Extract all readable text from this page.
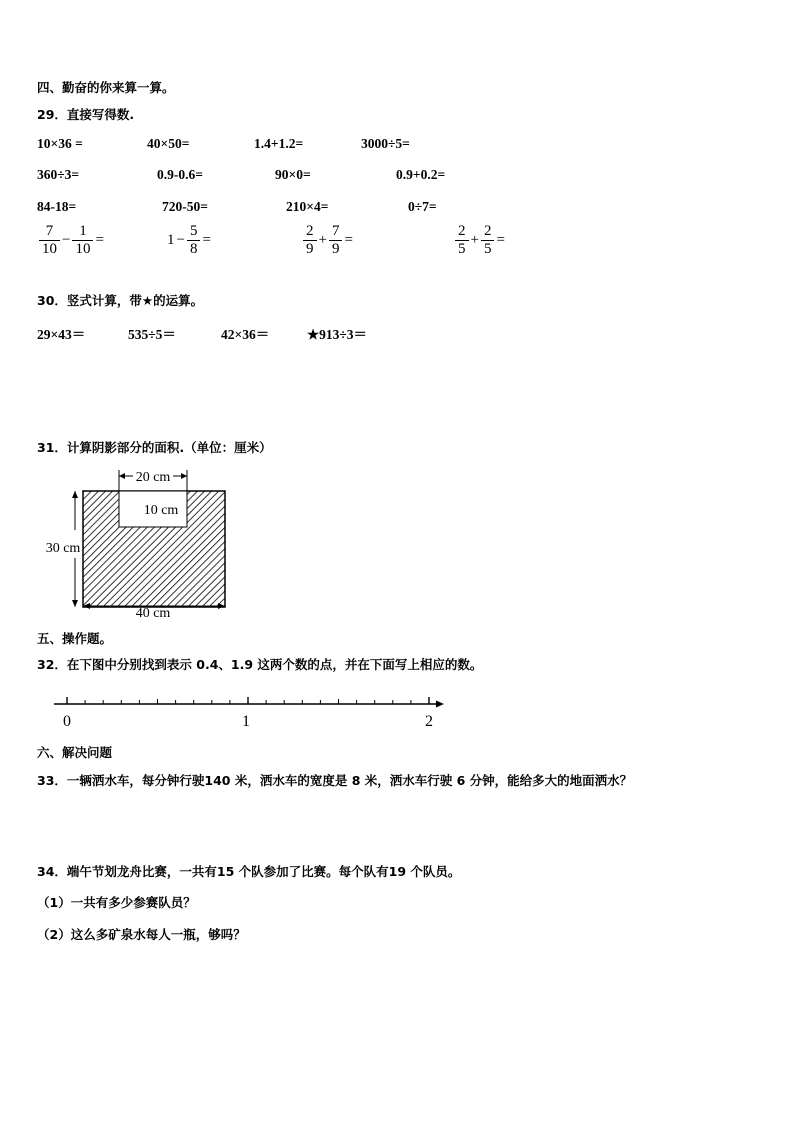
四、勤奋的你来算一算。
29．直接写得数.
10×36 =	40×50=	1.4+1.2=	3000÷5=
360÷3=	0.9-0.6=	90×0=	0.9+0.2=
84-18=	720-50=	210×4=	0÷7=
$\frac{7}{10} - \frac{1}{10}$ =	$1 - \frac{5}{8}$ =	$\frac{2}{9} + \frac{7}{9}$ =	$\frac{2}{5} + \frac{2}{5}$ =
30．竖式计算，带★的运算。
29×43＝	535÷5＝	42×36＝	★913÷3＝
31．计算阴影部分的面积.（单位：厘米）
20 cm
10 cm
30 cm
40 cm
五、操作题。
32．在下图中分别找到表示 0.4、1.9 这两个数的点，并在下面写上相应的数。
0	1	2
六、解决问题
33．一辆洒水车，每分钟行驶140 米，洒水车的宽度是 8 米，洒水车行驶 6 分钟，能给多大的地面洒水？
34．端午节划龙舟比赛，一共有15 个队参加了比赛。每个队有19 个队员。
（1）一共有多少参赛队员？
（2）这么多矿泉水每人一瓶，够吗？
